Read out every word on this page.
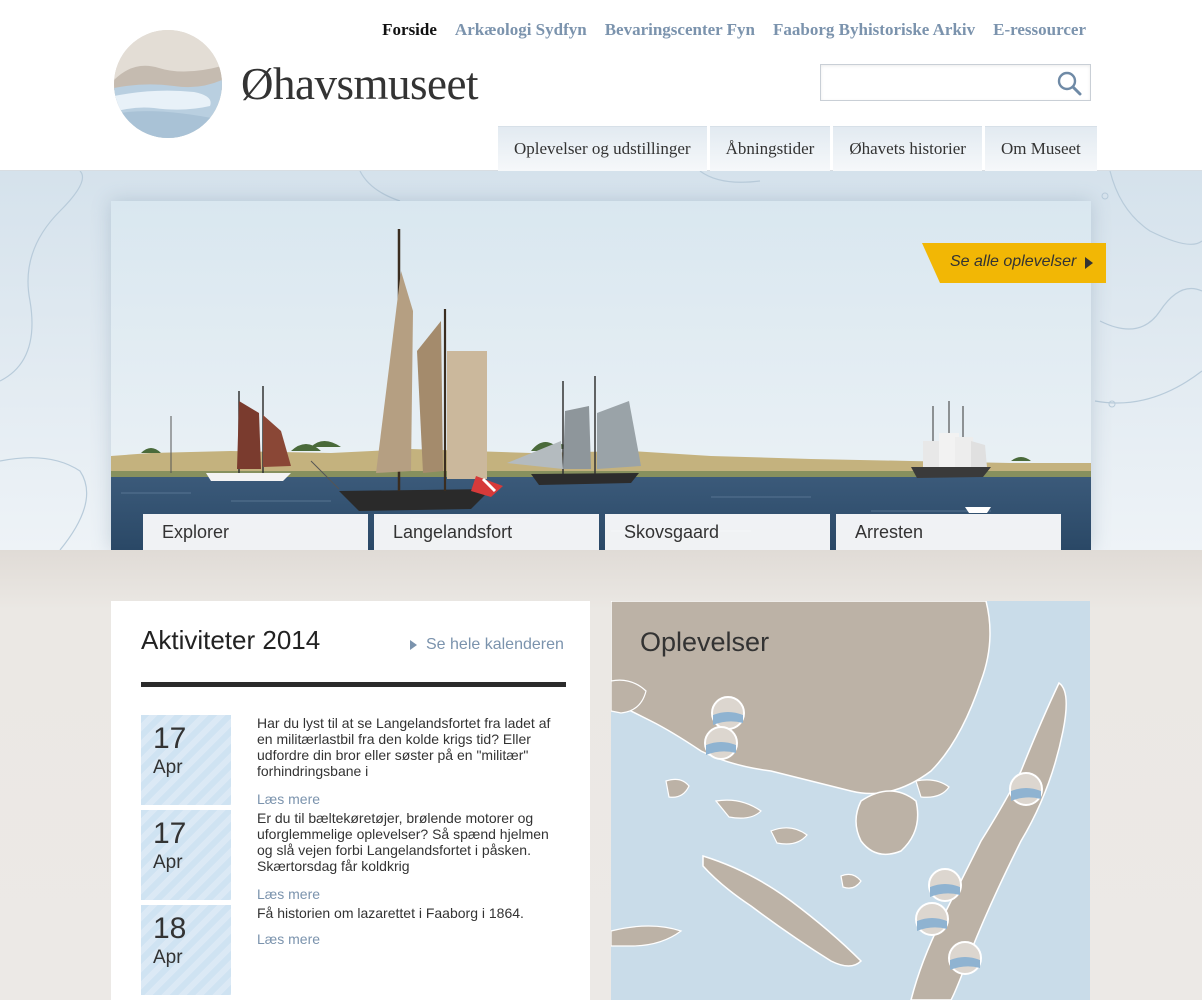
Øhavsmuseet
Forside Arkæologi Sydfyn Bevaringscenter Fyn Faaborg Byhistoriske Arkiv E-ressourcer
Oplevelser og udstillinger	Åbningstider	Øhavets historier	Om Museet
Se alle oplevelser
Explorer	Langelandsfort	Skovsgaard	Arresten
Aktiviteter 2014	Se hele kalenderen
17
Apr
Har du lyst til at se Langelandsfortet fra ladet af en militærlastbil fra den kolde krigs tid? Eller udfordre din bror eller søster på en "militær" forhindringsbane i
Læs mere
17
Apr
Er du til bæltekøretøjer, brølende motorer og uforglemmelige oplevelser? Så spænd hjelmen og slå vejen forbi Langelandsfortet i påsken. Skærtorsdag får koldkrig
Læs mere
18
Apr
Få historien om lazarettet i Faaborg i 1864.
Læs mere
Oplevelser
